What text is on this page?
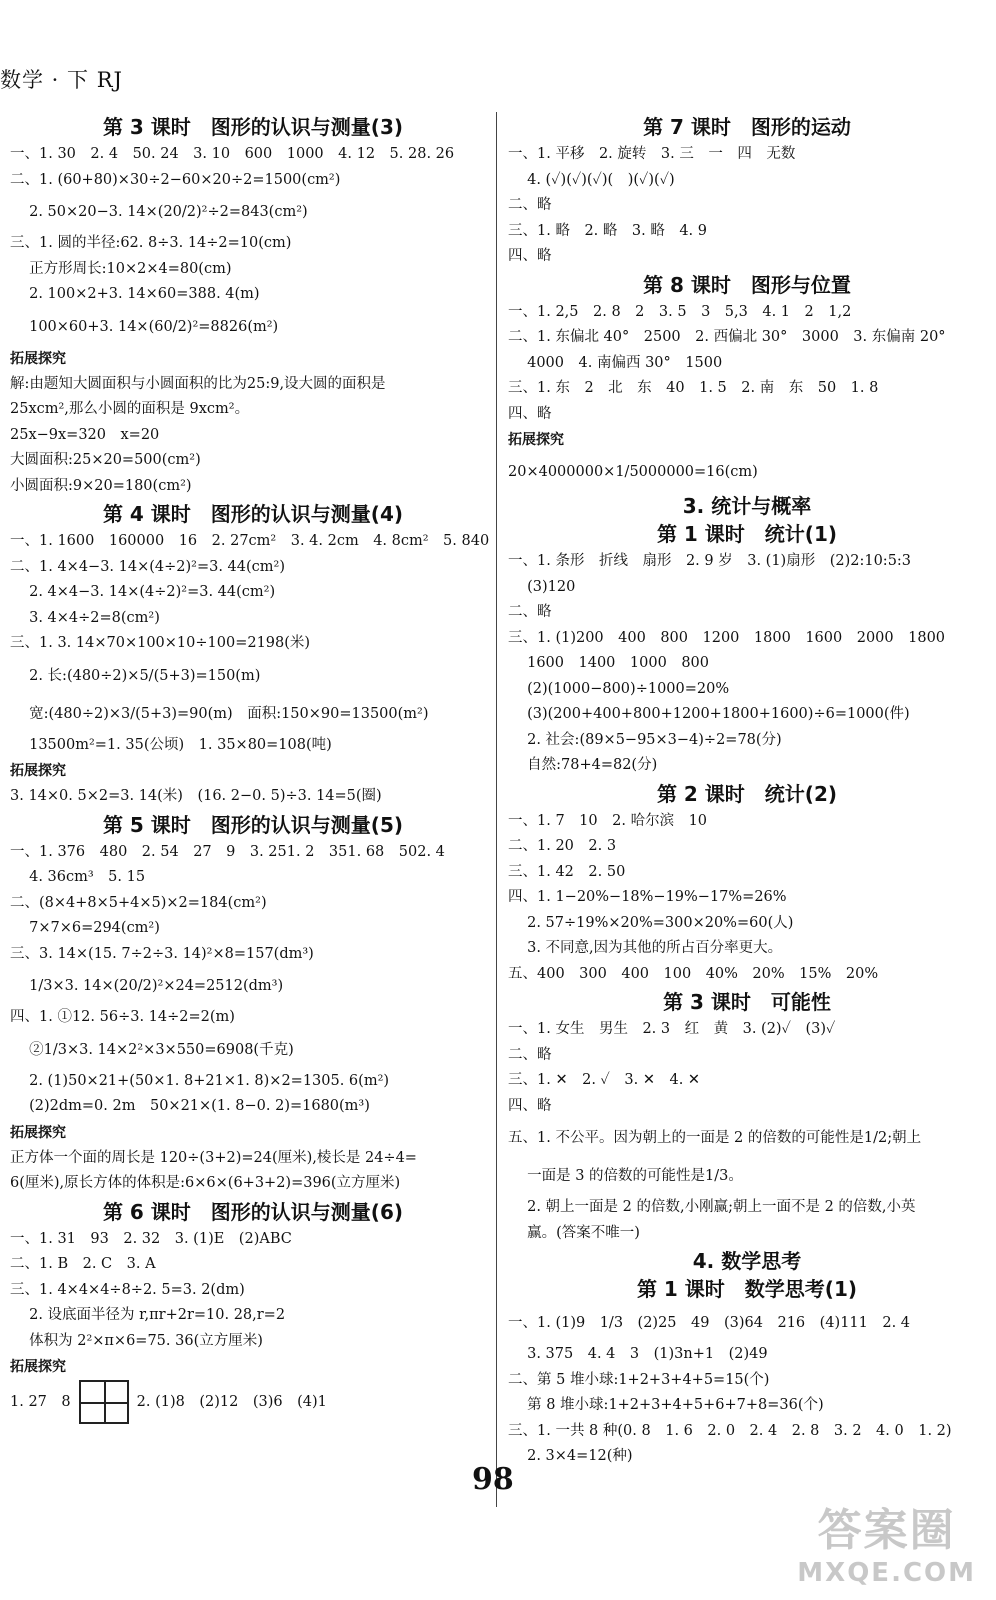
数学 · 下 RJ
第 3 课时　图形的认识与测量(3)
一、1. 30　2. 4　50. 24　3. 10　600　1000　4. 12　5. 28. 26
二、1. (60+80)×30÷2−60×20÷2=1500(cm²)
　 2. 50×20−3. 14×(20/2)²÷2=843(cm²)
三、1. 圆的半径:62. 8÷3. 14÷2=10(cm)
　 正方形周长:10×2×4=80(cm)
　 2. 100×2+3. 14×60=388. 4(m)
　 100×60+3. 14×(60/2)²=8826(m²)
拓展探究
解:由题知大圆面积与小圆面积的比为25:9,设大圆的面积是
25xcm²,那么小圆的面积是 9xcm²。
25x−9x=320　x=20
大圆面积:25×20=500(cm²)
小圆面积:9×20=180(cm²)
第 4 课时　图形的认识与测量(4)
一、1. 1600　160000　16　2. 27cm²　3. 4. 2cm　4. 8cm²　5. 840
二、1. 4×4−3. 14×(4÷2)²=3. 44(cm²)
　 2. 4×4−3. 14×(4÷2)²=3. 44(cm²)
　 3. 4×4÷2=8(cm²)
三、1. 3. 14×70×100×10÷100=2198(米)
　 2. 长:(480÷2)×5/(5+3)=150(m)
　 宽:(480÷2)×3/(5+3)=90(m)　面积:150×90=13500(m²)
　 13500m²=1. 35(公顷)　1. 35×80=108(吨)
拓展探究
3. 14×0. 5×2=3. 14(米)　(16. 2−0. 5)÷3. 14=5(圈)
第 5 课时　图形的认识与测量(5)
一、1. 376　480　2. 54　27　9　3. 251. 2　351. 68　502. 4
　 4. 36cm³　5. 15
二、(8×4+8×5+4×5)×2=184(cm²)
　 7×7×6=294(cm²)
三、3. 14×(15. 7÷2÷3. 14)²×8=157(dm³)
　 1/3×3. 14×(20/2)²×24=2512(dm³)
四、1. ①12. 56÷3. 14÷2=2(m)
　 ②1/3×3. 14×2²×3×550=6908(千克)
　 2. (1)50×21+(50×1. 8+21×1. 8)×2=1305. 6(m²)
　 (2)2dm=0. 2m　50×21×(1. 8−0. 2)=1680(m³)
拓展探究
正方体一个面的周长是 120÷(3+2)=24(厘米),棱长是 24÷4=
6(厘米),原长方体的体积是:6×6×(6+3+2)=396(立方厘米)
第 6 课时　图形的认识与测量(6)
一、1. 31　93　2. 32　3. (1)E　(2)ABC
二、1. B　2. C　3. A
三、1. 4×4×4÷8÷2. 5=3. 2(dm)
　 2. 设底面半径为 r,πr+2r=10. 28,r=2
　 体积为 2²×π×6=75. 36(立方厘米)
拓展探究
1. 27　8	2. (1)8　(2)12　(3)6　(4)1
第 7 课时　图形的运动
一、1. 平移　2. 旋转　3. 三　一　四　无数
　 4. (✓)(✓)(✓)(　)(✓)(✓)
二、略
三、1. 略　2. 略　3. 略　4. 9
四、略
第 8 课时　图形与位置
一、1. 2,5　2. 8　2　3. 5　3　5,3　4. 1　2　1,2
二、1. 东偏北 40°　2500　2. 西偏北 30°　3000　3. 东偏南 20°
　 4000　4. 南偏西 30°　1500
三、1. 东　2　北　东　40　1. 5　2. 南　东　50　1. 8
四、略
拓展探究
20×4000000×1/5000000=16(cm)
3. 统计与概率
第 1 课时　统计(1)
一、1. 条形　折线　扇形　2. 9 岁　3. (1)扇形　(2)2:10:5:3
　 (3)120
二、略
三、1. (1)200　400　800　1200　1800　1600　2000　1800
　 1600　1400　1000　800
　 (2)(1000−800)÷1000=20%
　 (3)(200+400+800+1200+1800+1600)÷6=1000(件)
　 2. 社会:(89×5−95×3−4)÷2=78(分)
　 自然:78+4=82(分)
第 2 课时　统计(2)
一、1. 7　10　2. 哈尔滨　10
二、1. 20　2. 3
三、1. 42　2. 50
四、1. 1−20%−18%−19%−17%=26%
　 2. 57÷19%×20%=300×20%=60(人)
　 3. 不同意,因为其他的所占百分率更大。
五、400　300　400　100　40%　20%　15%　20%
第 3 课时　可能性
一、1. 女生　男生　2. 3　红　黄　3. (2)✓　(3)✓
二、略
三、1. ✕　2. ✓　3. ✕　4. ✕
四、略
五、1. 不公平。因为朝上的一面是 2 的倍数的可能性是1/2;朝上
　 一面是 3 的倍数的可能性是1/3。
　 2. 朝上一面是 2 的倍数,小刚赢;朝上一面不是 2 的倍数,小英
　 赢。(答案不唯一)
4. 数学思考
第 1 课时　数学思考(1)
一、1. (1)9　1/3　(2)25　49　(3)64　216　(4)111　2. 4
　 3. 375　4. 4　3　(1)3n+1　(2)49
二、第 5 堆小球:1+2+3+4+5=15(个)
　 第 8 堆小球:1+2+3+4+5+6+7+8=36(个)
三、1. 一共 8 种(0. 8　1. 6　2. 0　2. 4　2. 8　3. 2　4. 0　1. 2)
　 2. 3×4=12(种)
98
答案圈
MXQE.COM
